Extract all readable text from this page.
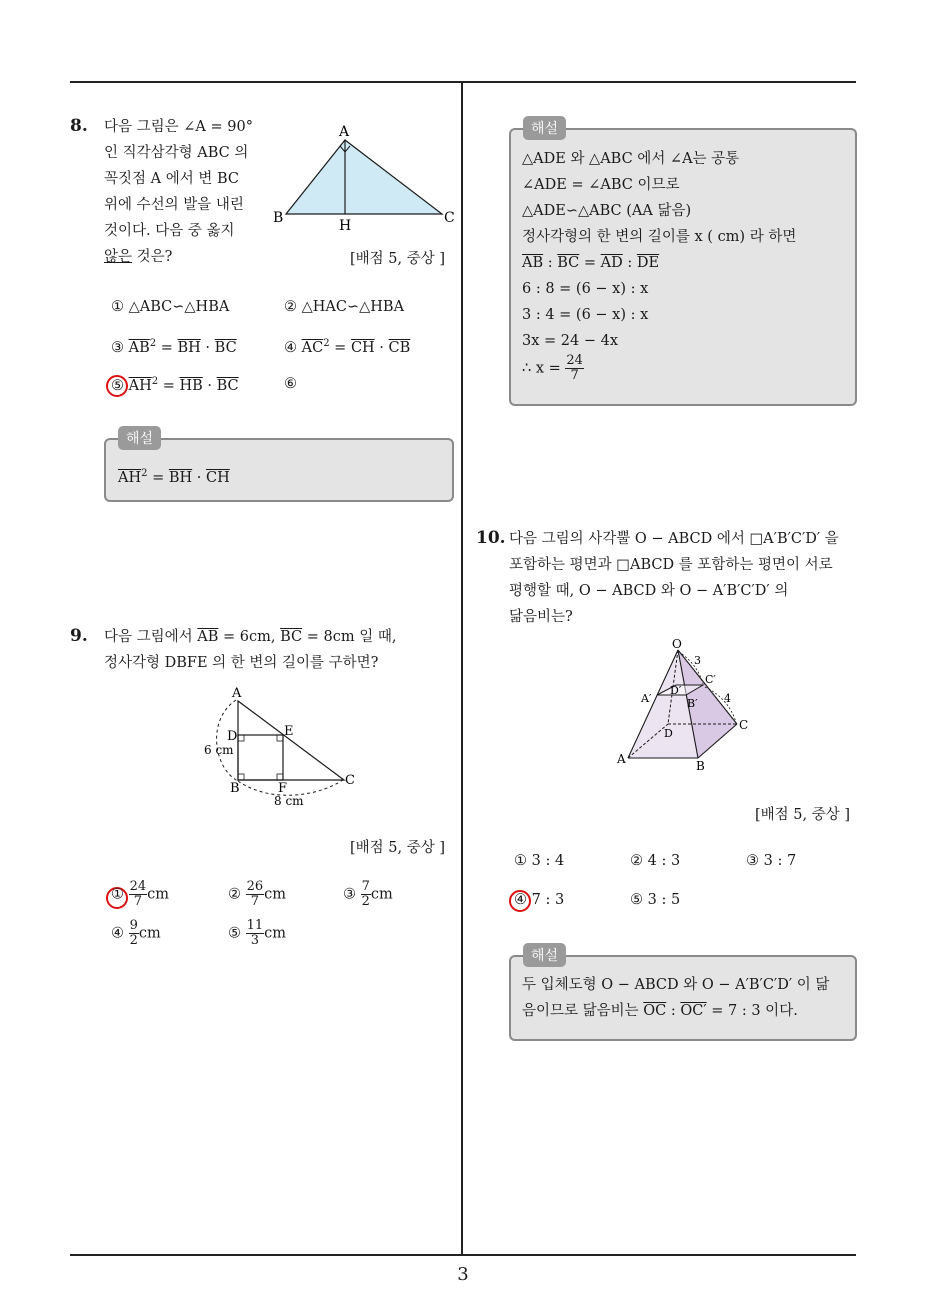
3
8. 다음 그림은 ∠A = 90°
인 직각삼각형 ABC 의
꼭짓점 A 에서 변 BC
위에 수선의 발을 내린
것이다. 다음 중 옳지
않은 것은?
A
B	C
H
[배점 5, 중상 ]
① △ABC∽△HBA	② △HAC∽△HBA
③ $\overline{AB}^2 = \overline{BH} \cdot \overline{BC}$	④ $\overline{AC}^2 = \overline{CH} \cdot \overline{CB}$
⑤ $\overline{AH}^2 = \overline{HB} \cdot \overline{BC}$	⑥
해설
$\overline{AH}^2 = \overline{BH} \cdot \overline{CH}$
9. 다음 그림에서 $\overline{AB} = 6cm$, $\overline{BC} = 8cm$ 일 때,
정사각형 DBFE 의 한 변의 길이를 구하면?
A
D	E
B	F
C
6 cm
8 cm
[배점 5, 중상 ]
① $\frac{24}{7}$ cm	② $\frac{26}{7}$ cm	③ $\frac{7}{2}$ cm
④ $\frac{9}{2}$ cm	⑤ $\frac{11}{3}$ cm
해설
△ADE 와 △ABC 에서 ∠A는 공통
∠ADE = ∠ABC 이므로
△ADE∽△ABC (AA 닮음)
정사각형의 한 변의 길이를 x ( cm) 라 하면
$\overline{AB}$ : $\overline{BC} = \overline{AD}$ : $\overline{DE}$
6 : 8 = (6 − x) : x
3 : 4 = (6 − x) : x
3x = 24 − 4x
∴ $x = \frac{24}{7}$
10. 다음 그림의 사각뿔 O − ABCD 에서 □A′B′C′D′ 을
포함하는 평면과 □ABCD 를 포함하는 평면이 서로
평행할 때, O − ABCD 와 O − A′B′C′D′ 의
닮음비는?
O
3
C′
D′
A′	B′ 4
D
C
A	B
[배점 5, 중상 ]
① 3 : 4	② 4 : 3	③ 3 : 7
④ 7 : 3	⑤ 3 : 5
해설
두 입체도형 O − ABCD 와 O − A′B′C′D′ 이 닮
음이므로 닮음비는 $\overline{OC}$ : OC′ = 7 : 3 이다.
